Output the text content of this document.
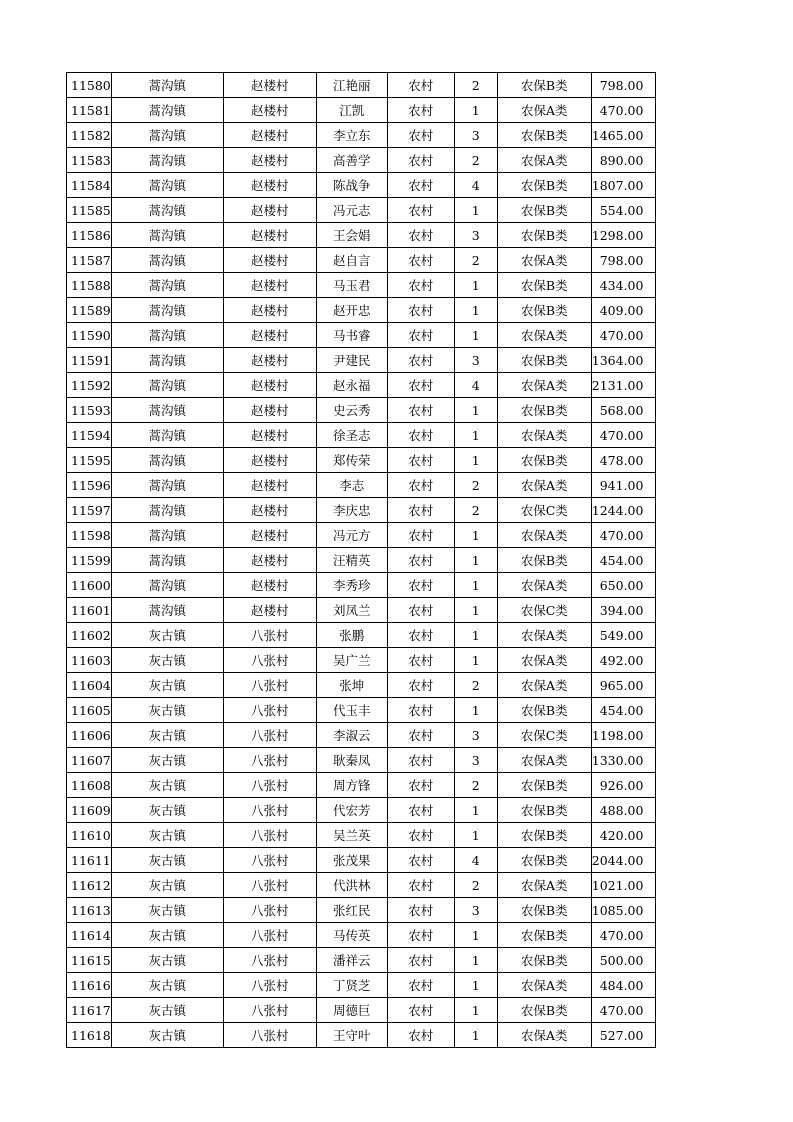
11580	蒿沟镇	赵楼村	江艳丽	农村	2	农保B类	798.00
11581	蒿沟镇	赵楼村	江凯	农村	1	农保A类	470.00
11582	蒿沟镇	赵楼村	李立东	农村	3	农保B类	1465.00
11583	蒿沟镇	赵楼村	高善学	农村	2	农保A类	890.00
11584	蒿沟镇	赵楼村	陈战争	农村	4	农保B类	1807.00
11585	蒿沟镇	赵楼村	冯元志	农村	1	农保B类	554.00
11586	蒿沟镇	赵楼村	王会娟	农村	3	农保B类	1298.00
11587	蒿沟镇	赵楼村	赵自言	农村	2	农保A类	798.00
11588	蒿沟镇	赵楼村	马玉君	农村	1	农保B类	434.00
11589	蒿沟镇	赵楼村	赵开忠	农村	1	农保B类	409.00
11590	蒿沟镇	赵楼村	马书睿	农村	1	农保A类	470.00
11591	蒿沟镇	赵楼村	尹建民	农村	3	农保B类	1364.00
11592	蒿沟镇	赵楼村	赵永福	农村	4	农保A类	2131.00
11593	蒿沟镇	赵楼村	史云秀	农村	1	农保B类	568.00
11594	蒿沟镇	赵楼村	徐圣志	农村	1	农保A类	470.00
11595	蒿沟镇	赵楼村	郑传荣	农村	1	农保B类	478.00
11596	蒿沟镇	赵楼村	李志	农村	2	农保A类	941.00
11597	蒿沟镇	赵楼村	李庆忠	农村	2	农保C类	1244.00
11598	蒿沟镇	赵楼村	冯元方	农村	1	农保A类	470.00
11599	蒿沟镇	赵楼村	汪精英	农村	1	农保B类	454.00
11600	蒿沟镇	赵楼村	李秀珍	农村	1	农保A类	650.00
11601	蒿沟镇	赵楼村	刘凤兰	农村	1	农保C类	394.00
11602	灰古镇	八张村	张鹏	农村	1	农保A类	549.00
11603	灰古镇	八张村	吴广兰	农村	1	农保A类	492.00
11604	灰古镇	八张村	张坤	农村	2	农保A类	965.00
11605	灰古镇	八张村	代玉丰	农村	1	农保B类	454.00
11606	灰古镇	八张村	李淑云	农村	3	农保C类	1198.00
11607	灰古镇	八张村	耿秦凤	农村	3	农保A类	1330.00
11608	灰古镇	八张村	周方锋	农村	2	农保B类	926.00
11609	灰古镇	八张村	代宏芳	农村	1	农保B类	488.00
11610	灰古镇	八张村	吴兰英	农村	1	农保B类	420.00
11611	灰古镇	八张村	张茂果	农村	4	农保B类	2044.00
11612	灰古镇	八张村	代洪林	农村	2	农保A类	1021.00
11613	灰古镇	八张村	张红民	农村	3	农保B类	1085.00
11614	灰古镇	八张村	马传英	农村	1	农保B类	470.00
11615	灰古镇	八张村	潘祥云	农村	1	农保B类	500.00
11616	灰古镇	八张村	丁贤芝	农村	1	农保A类	484.00
11617	灰古镇	八张村	周德巨	农村	1	农保B类	470.00
11618	灰古镇	八张村	王守叶	农村	1	农保A类	527.00
